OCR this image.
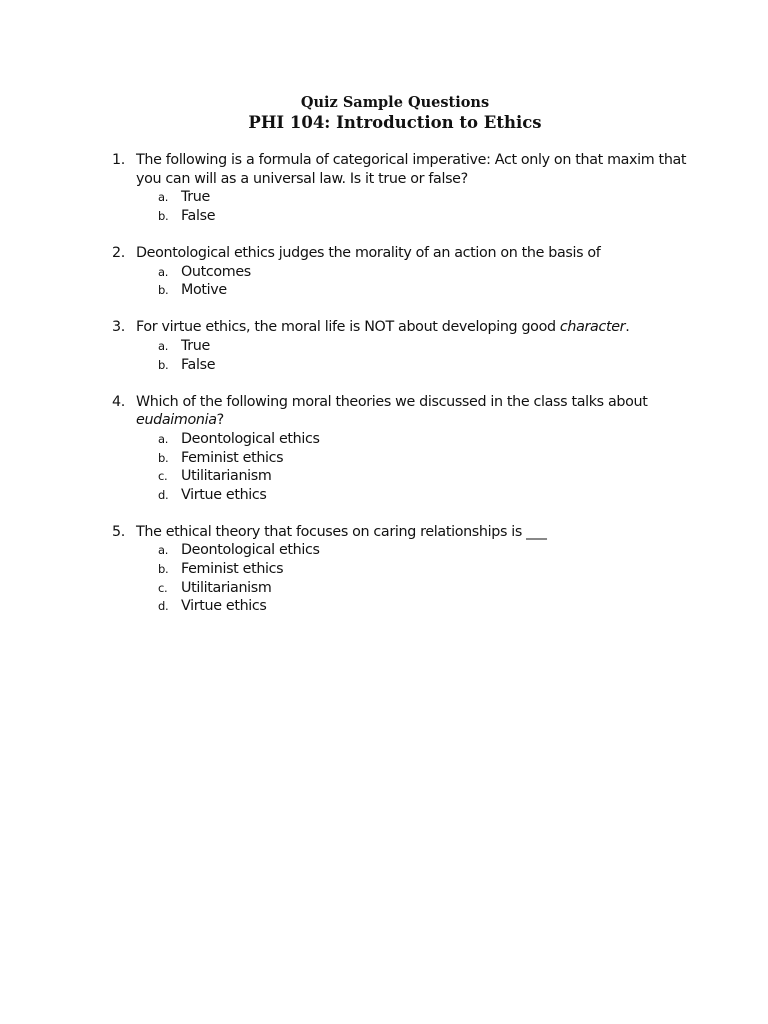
Quiz Sample Questions
PHI 104: Introduction to Ethics
1. The following is a formula of categorical imperative: Act only on that maxim that you can will as a universal law. Is it true or false?
a. True
b. False
2. Deontological ethics judges the morality of an action on the basis of
a. Outcomes
b. Motive
3. For virtue ethics, the moral life is NOT about developing good character.
a. True
b. False
4. Which of the following moral theories we discussed in the class talks about eudaimonia?
a. Deontological ethics
b. Feminist ethics
c. Utilitarianism
d. Virtue ethics
5. The ethical theory that focuses on caring relationships is ___
a. Deontological ethics
b. Feminist ethics
c. Utilitarianism
d. Virtue ethics
